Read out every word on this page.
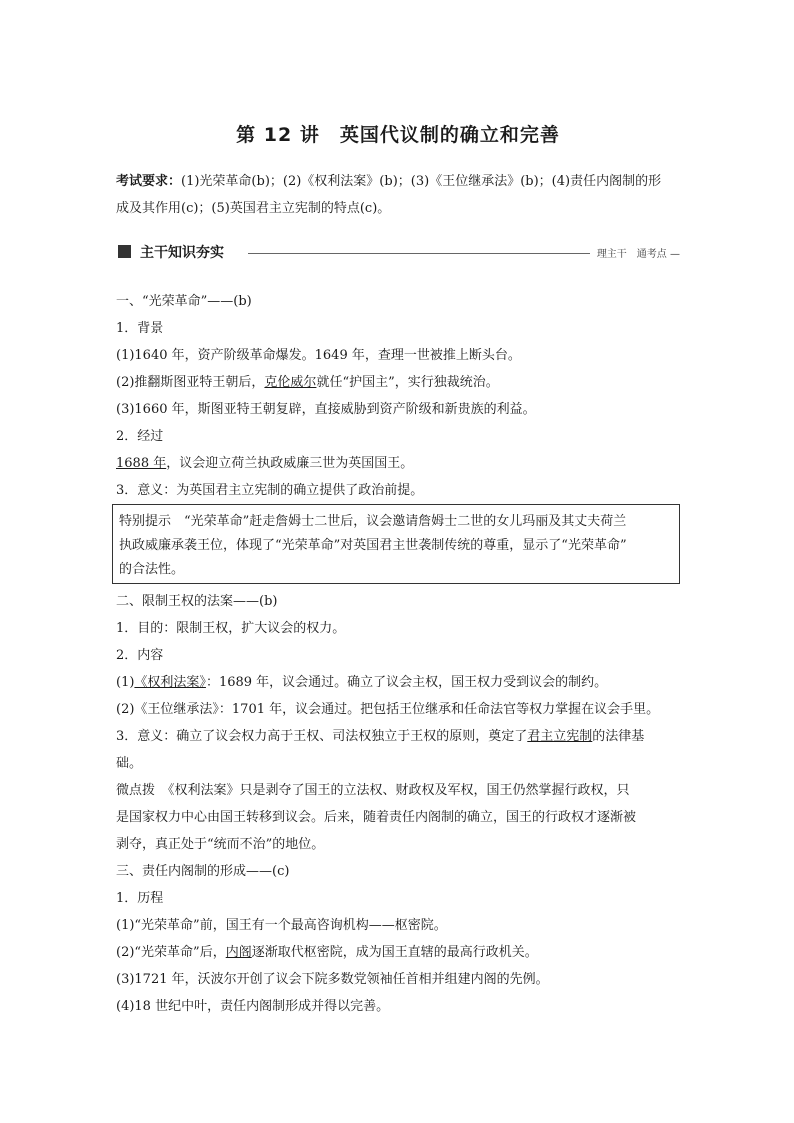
第 12 讲　英国代议制的确立和完善
考试要求：(1)光荣革命(b)；(2)《权利法案》(b)；(3)《王位继承法》(b)；(4)责任内阁制的形
成及其作用(c)；(5)英国君主立宪制的特点(c)。
主干知识夯实	理主干　通考点 —
一、“光荣革命”——(b)
1．背景
(1)1640 年，资产阶级革命爆发。1649 年，查理一世被推上断头台。
(2)推翻斯图亚特王朝后，克伦威尔就任“护国主”，实行独裁统治。
(3)1660 年，斯图亚特王朝复辟，直接威胁到资产阶级和新贵族的利益。
2．经过
1688 年，议会迎立荷兰执政威廉三世为英国国王。
3．意义：为英国君主立宪制的确立提供了政治前提。
特别提示　“光荣革命”赶走詹姆士二世后，议会邀请詹姆士二世的女儿玛丽及其丈夫荷兰
执政威廉承袭王位，体现了“光荣革命”对英国君主世袭制传统的尊重，显示了“光荣革命”
的合法性。
二、限制王权的法案——(b)
1．目的：限制王权，扩大议会的权力。
2．内容
(1)《权利法案》：1689 年，议会通过。确立了议会主权，国王权力受到议会的制约。
(2)《王位继承法》：1701 年，议会通过。把包括王位继承和任命法官等权力掌握在议会手里。
3．意义：确立了议会权力高于王权、司法权独立于王权的原则，奠定了君主立宪制的法律基
础。
微点拨　《权利法案》只是剥夺了国王的立法权、财政权及军权，国王仍然掌握行政权，只
是国家权力中心由国王转移到议会。后来，随着责任内阁制的确立，国王的行政权才逐渐被
剥夺，真正处于“统而不治”的地位。
三、责任内阁制的形成——(c)
1．历程
(1)“光荣革命”前，国王有一个最高咨询机构——枢密院。
(2)“光荣革命”后，内阁逐渐取代枢密院，成为国王直辖的最高行政机关。
(3)1721 年，沃波尔开创了议会下院多数党领袖任首相并组建内阁的先例。
(4)18 世纪中叶，责任内阁制形成并得以完善。
